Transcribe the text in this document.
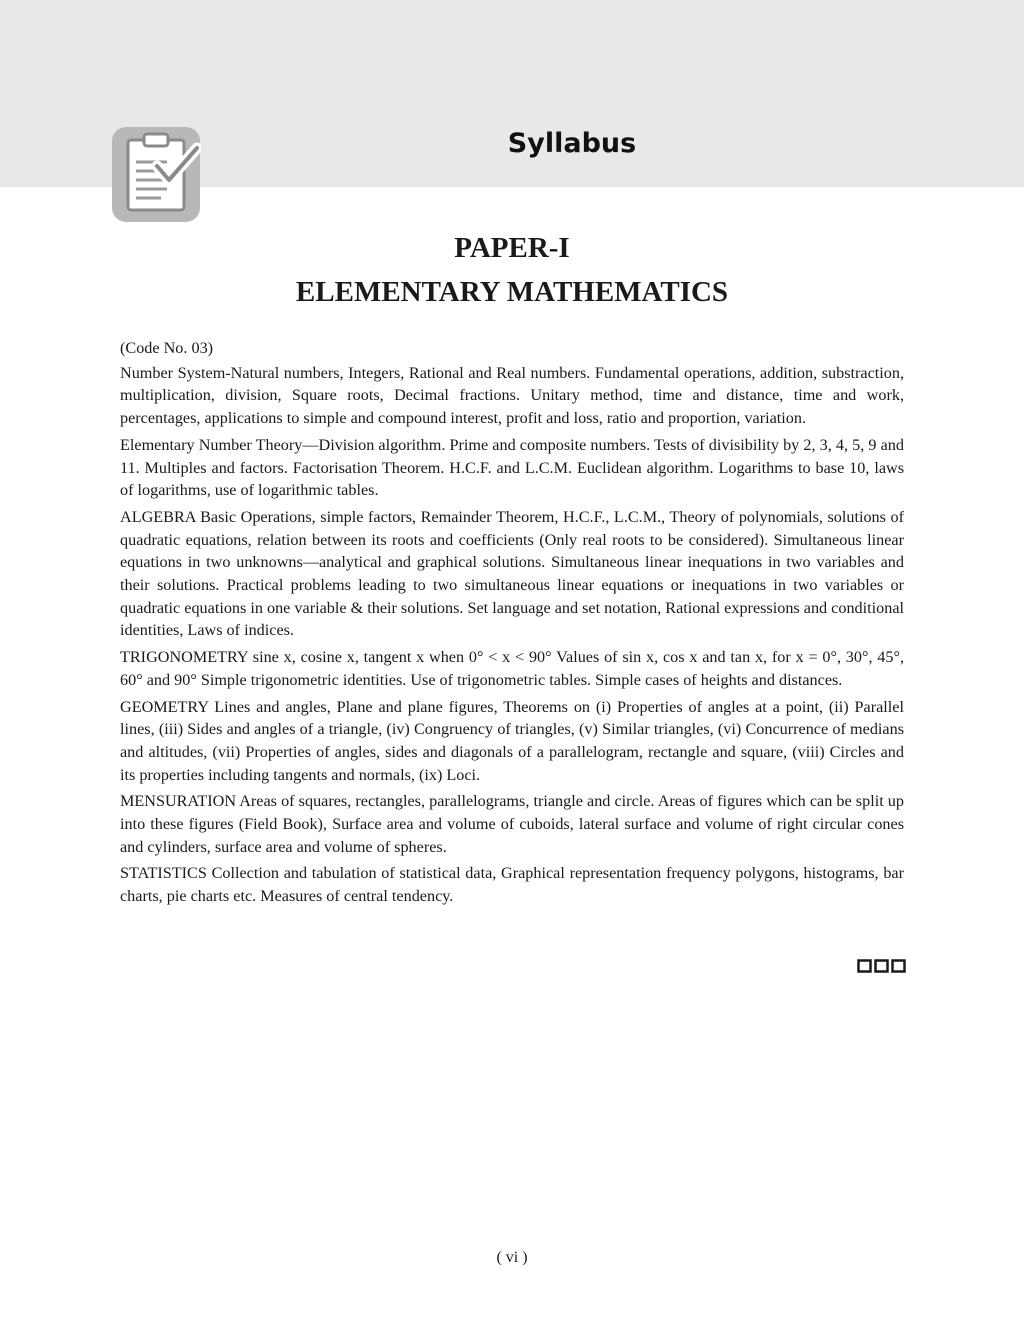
Syllabus
PAPER-I
ELEMENTARY MATHEMATICS

(Code No. 03)

Number System-Natural numbers, Integers, Rational and Real numbers. Fundamental operations, addition, substraction, multiplication, division, Square roots, Decimal fractions. Unitary method, time and distance, time and work, percentages, applications to simple and compound interest, profit and loss, ratio and proportion, variation.

Elementary Number Theory—Division algorithm. Prime and composite numbers. Tests of divisibility by 2, 3, 4, 5, 9 and 11. Multiples and factors. Factorisation Theorem. H.C.F. and L.C.M. Euclidean algorithm. Logarithms to base 10, laws of logarithms, use of logarithmic tables.

ALGEBRA Basic Operations, simple factors, Remainder Theorem, H.C.F., L.C.M., Theory of polynomials, solutions of quadratic equations, relation between its roots and coefficients (Only real roots to be considered). Simultaneous linear equations in two unknowns—analytical and graphical solutions. Simultaneous linear inequations in two variables and their solutions. Practical problems leading to two simultaneous linear equations or inequations in two variables or quadratic equations in one variable & their solutions. Set language and set notation, Rational expressions and conditional identities, Laws of indices.

TRIGONOMETRY sine x, cosine x, tangent x when 0° < x < 90° Values of sin x, cos x and tan x, for x = 0°, 30°, 45°, 60° and 90° Simple trigonometric identities. Use of trigonometric tables. Simple cases of heights and distances.

GEOMETRY Lines and angles, Plane and plane figures, Theorems on (i) Properties of angles at a point, (ii) Parallel lines, (iii) Sides and angles of a triangle, (iv) Congruency of triangles, (v) Similar triangles, (vi) Concurrence of medians and altitudes, (vii) Properties of angles, sides and diagonals of a parallelogram, rectangle and square, (viii) Circles and its properties including tangents and normals, (ix) Loci.

MENSURATION Areas of squares, rectangles, parallelograms, triangle and circle. Areas of figures which can be split up into these figures (Field Book), Surface area and volume of cuboids, lateral surface and volume of right circular cones and cylinders, surface area and volume of spheres.

STATISTICS Collection and tabulation of statistical data, Graphical representation frequency polygons, histograms, bar charts, pie charts etc. Measures of central tendency.

( vi )
